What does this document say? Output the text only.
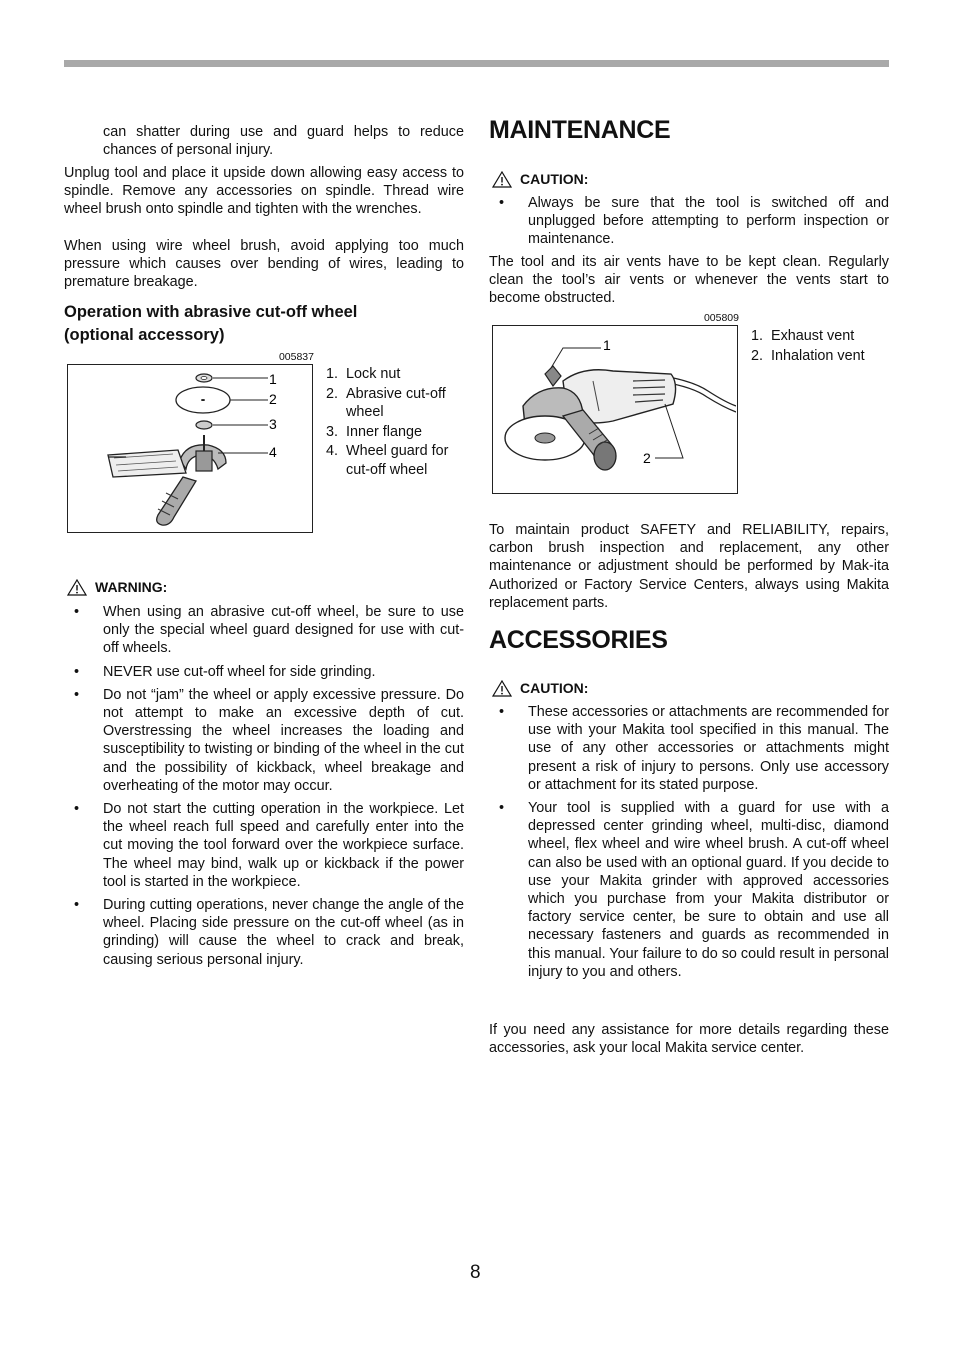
can shatter during use and guard helps to reduce chances of personal injury.

Unplug tool and place it upside down allowing easy access to spindle. Remove any accessories on spindle. Thread wire wheel brush onto spindle and tighten with the wrenches.

When using wire wheel brush, avoid applying too much pressure which causes over bending of wires, leading to premature breakage.

Operation with abrasive cut-off wheel
(optional accessory)
005837
1
2
3
4
1. Lock nut
2. Abrasive cut-off wheel
3. Inner flange
4. Wheel guard for cut-off wheel
WARNING:
• When using an abrasive cut-off wheel, be sure to use only the special wheel guard designed for use with cut-off wheels.
• NEVER use cut-off wheel for side grinding.
• Do not “jam” the wheel or apply excessive pressure. Do not attempt to make an excessive depth of cut. Overstressing the wheel increases the loading and susceptibility to twisting or binding of the wheel in the cut and the possibility of kickback, wheel breakage and overheating of the motor may occur.
• Do not start the cutting operation in the workpiece. Let the wheel reach full speed and carefully enter into the cut moving the tool forward over the workpiece surface. The wheel may bind, walk up or kickback if the power tool is started in the workpiece.
• During cutting operations, never change the angle of the wheel. Placing side pressure on the cut-off wheel (as in grinding) will cause the wheel to crack and break, causing serious personal injury.
MAINTENANCE
CAUTION:
• Always be sure that the tool is switched off and unplugged before attempting to perform inspection or maintenance.

The tool and its air vents have to be kept clean. Regularly clean the tool’s air vents or whenever the vents start to become obstructed.

005809
1
2
1. Exhaust vent
2. Inhalation vent

To maintain product SAFETY and RELIABILITY, repairs, carbon brush inspection and replacement, any other maintenance or adjustment should be performed by Mak-ita Authorized or Factory Service Centers, always using Makita replacement parts.

ACCESSORIES
CAUTION:
• These accessories or attachments are recommended for use with your Makita tool specified in this manual. The use of any other accessories or attachments might present a risk of injury to persons. Only use accessory or attachment for its stated purpose.
• Your tool is supplied with a guard for use with a depressed center grinding wheel, multi-disc, diamond wheel, flex wheel and wire wheel brush. A cut-off wheel can also be used with an optional guard. If you decide to use your Makita grinder with approved accessories which you purchase from your Makita distributor or factory service center, be sure to obtain and use all necessary fasteners and guards as recommended in this manual. Your failure to do so could result in personal injury to you and others.

If you need any assistance for more details regarding these accessories, ask your local Makita service center.

8
